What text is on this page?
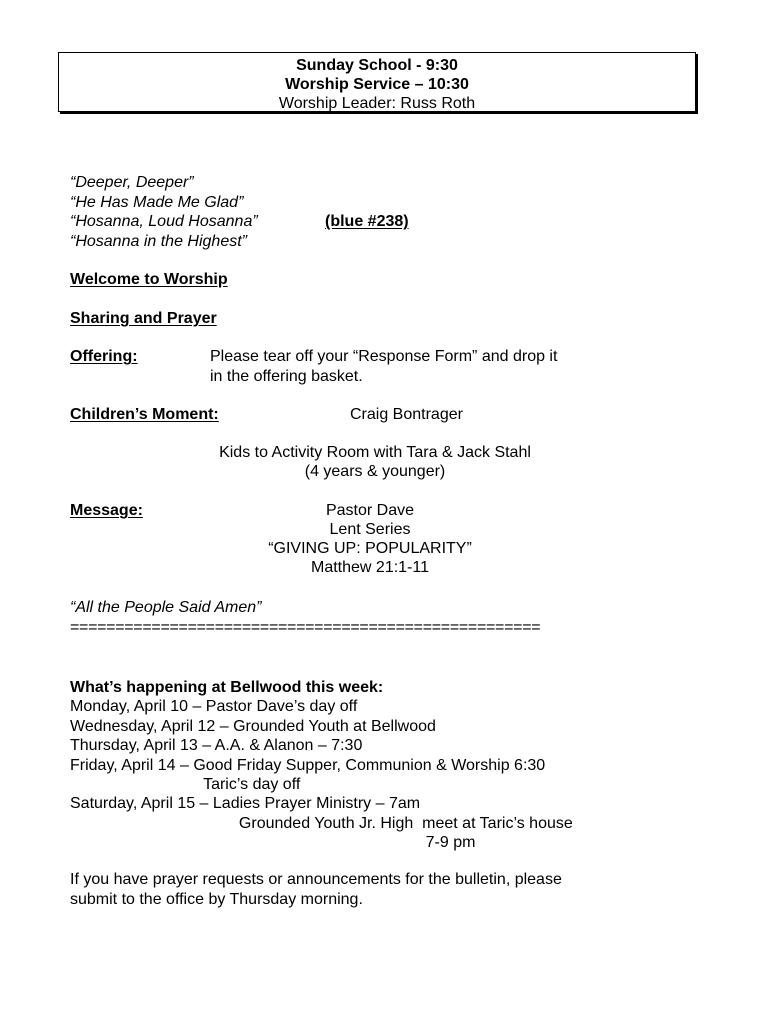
Sunday School - 9:30
Worship Service – 10:30
Worship Leader: Russ Roth
“Deeper, Deeper”
“He Has Made Me Glad”
“Hosanna, Loud Hosanna”
“Hosanna in the Highest”
(blue #238)
Welcome to Worship
Sharing and Prayer
Offering:	Please tear off your “Response Form” and drop it
in the offering basket.
Children’s Moment:	Craig Bontrager
Kids to Activity Room with Tara & Jack Stahl
(4 years & younger)
Message:	Pastor Dave
Lent Series
“GIVING UP: POPULARITY”
Matthew 21:1-11
“All the People Said Amen”
====================================================
What’s happening at Bellwood this week:
Monday, April 10 – Pastor Dave’s day off
Wednesday, April 12 – Grounded Youth at Bellwood
Thursday, April 13 – A.A. & Alanon – 7:30
Friday, April 14 – Good Friday Supper, Communion & Worship 6:30
Taric’s day off
Saturday, April 15 – Ladies Prayer Ministry – 7am
Grounded Youth Jr. High  meet at Taric’s house
7-9 pm
If you have prayer requests or announcements for the bulletin, please
submit to the office by Thursday morning.
